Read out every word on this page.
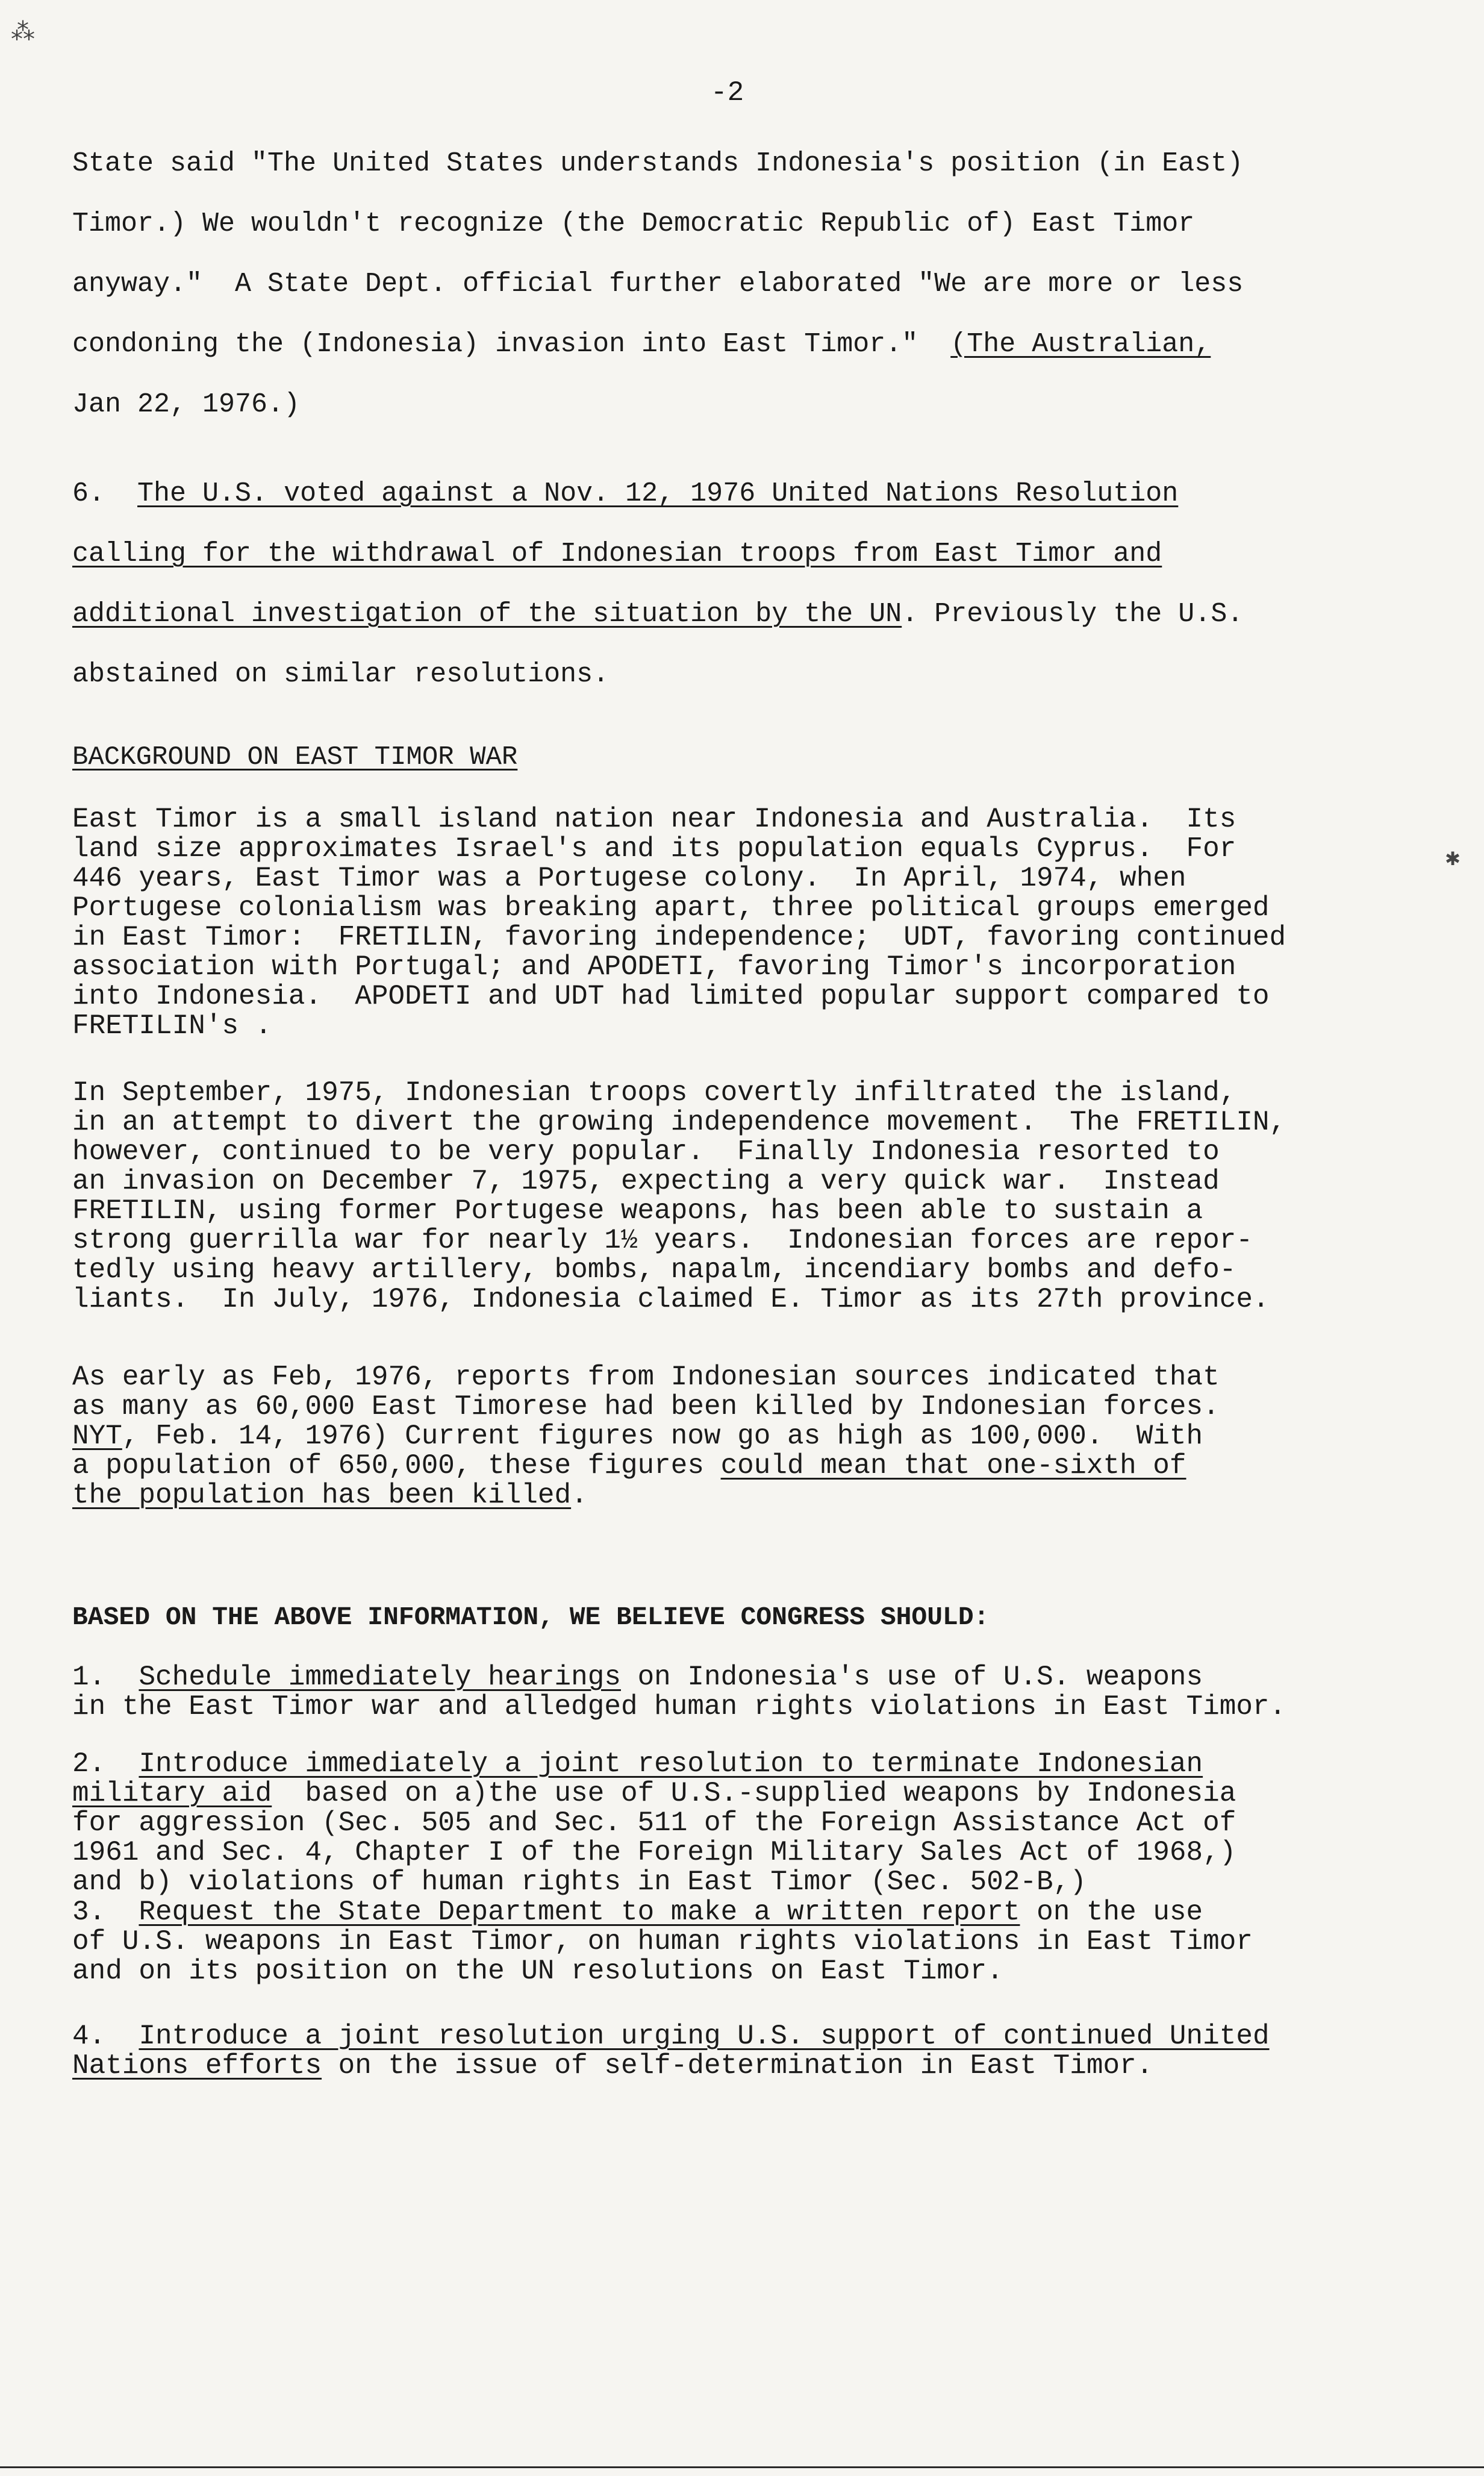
⁂
✱
-2
State said "The United States understands Indonesia's position (in East)
Timor.) We wouldn't recognize (the Democratic Republic of) East Timor
anyway."  A State Dept. official further elaborated "We are more or less
condoning the (Indonesia) invasion into East Timor."  (The Australian,
Jan 22, 1976.)
6. The U.S. voted against a Nov. 12, 1976 United Nations Resolution
calling for the withdrawal of Indonesian troops from East Timor and
additional investigation of the situation by the UN. Previously the U.S.
abstained on similar resolutions.
BACKGROUND ON EAST TIMOR WAR
East Timor is a small island nation near Indonesia and Australia.  Its
land size approximates Israel's and its population equals Cyprus.  For
446 years, East Timor was a Portugese colony.  In April, 1974, when
Portugese colonialism was breaking apart, three political groups emerged
in East Timor:  FRETILIN, favoring independence;  UDT, favoring continued
association with Portugal; and APODETI, favoring Timor's incorporation
into Indonesia.  APODETI and UDT had limited popular support compared to
FRETILIN's .
In September, 1975, Indonesian troops covertly infiltrated the island,
in an attempt to divert the growing independence movement.  The FRETILIN,
however, continued to be very popular.  Finally Indonesia resorted to
an invasion on December 7, 1975, expecting a very quick war.  Instead
FRETILIN, using former Portugese weapons, has been able to sustain a
strong guerrilla war for nearly 1½ years.  Indonesian forces are repor-
tedly using heavy artillery, bombs, napalm, incendiary bombs and defo-
liants.  In July, 1976, Indonesia claimed E. Timor as its 27th province.
As early as Feb, 1976, reports from Indonesian sources indicated that
as many as 60,000 East Timorese had been killed by Indonesian forces.
NYT, Feb. 14, 1976) Current figures now go as high as 100,000.  With
a population of 650,000, these figures could mean that one-sixth of
the population has been killed.
BASED ON THE ABOVE INFORMATION, WE BELIEVE CONGRESS SHOULD:
1. Schedule immediately hearings on Indonesia's use of U.S. weapons
in the East Timor war and alledged human rights violations in East Timor.
2. Introduce immediately a joint resolution to terminate Indonesian
military aid  based on a)the use of U.S.-supplied weapons by Indonesia
for aggression (Sec. 505 and Sec. 511 of the Foreign Assistance Act of
1961 and Sec. 4, Chapter I of the Foreign Military Sales Act of 1968,)
and b) violations of human rights in East Timor (Sec. 502-B,)
3. Request the State Department to make a written report on the use
of U.S. weapons in East Timor, on human rights violations in East Timor
and on its position on the UN resolutions on East Timor.
4. Introduce a joint resolution urging U.S. support of continued United
Nations efforts on the issue of self-determination in East Timor.
